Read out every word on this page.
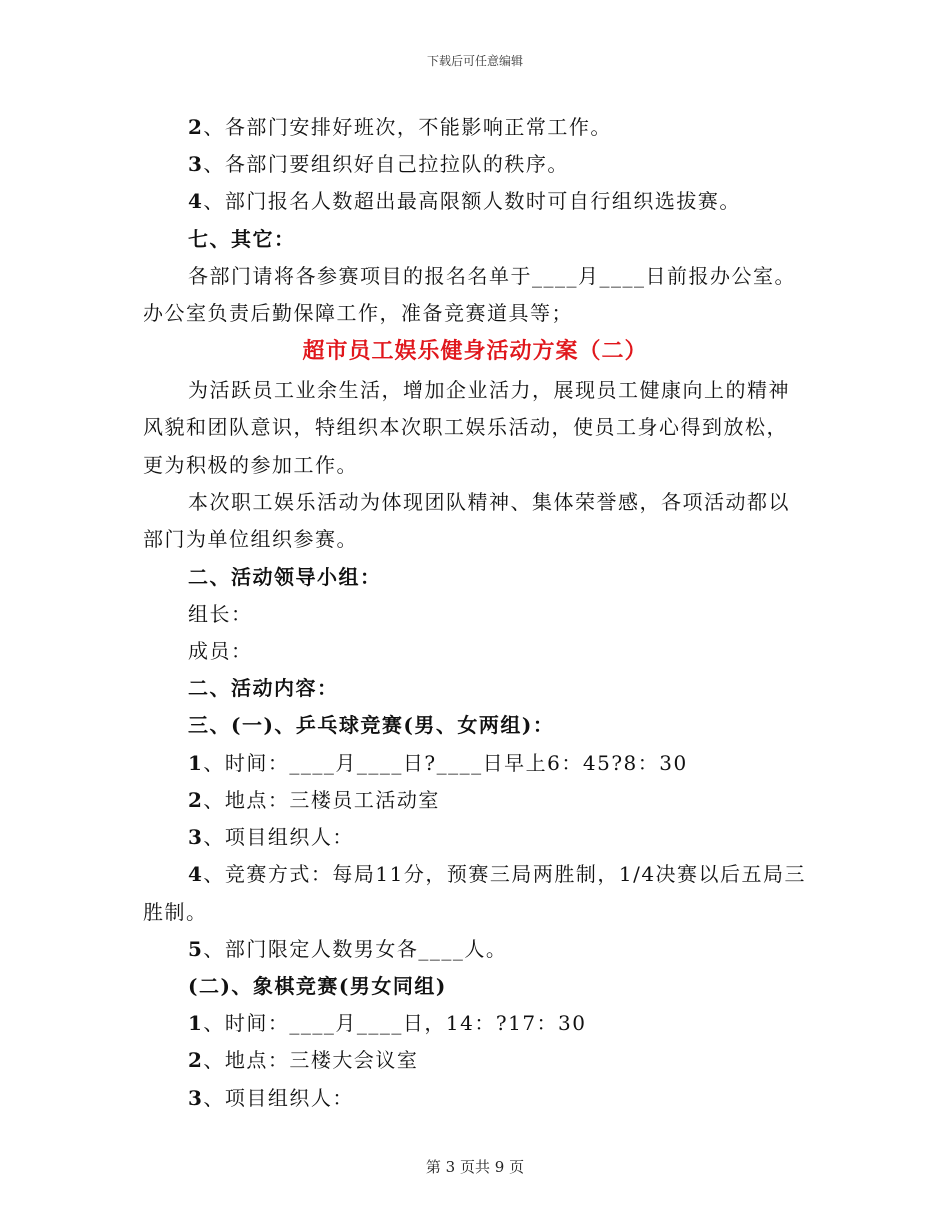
下载后可任意编辑
2、各部门安排好班次，不能影响正常工作。
3、各部门要组织好自己拉拉队的秩序。
4、部门报名人数超出最高限额人数时可自行组织选拔赛。
七、其它：
各部门请将各参赛项目的报名名单于____月____日前报办公室。
办公室负责后勤保障工作，准备竞赛道具等；
超市员工娱乐健身活动方案（二）
为活跃员工业余生活，增加企业活力，展现员工健康向上的精神
风貌和团队意识，特组织本次职工娱乐活动，使员工身心得到放松，
更为积极的参加工作。
本次职工娱乐活动为体现团队精神、集体荣誉感，各项活动都以
部门为单位组织参赛。
二、活动领导小组：
组长：
成员：
二、活动内容：
三、(一)、乒乓球竞赛(男、女两组)：
1、时间：____月____日?____日早上6：45?8：30
2、地点：三楼员工活动室
3、项目组织人：
4、竞赛方式：每局11分，预赛三局两胜制，1/4决赛以后五局三
胜制。
5、部门限定人数男女各____人。
(二)、象棋竞赛(男女同组)
1、时间：____月____日，14：?17：30
2、地点：三楼大会议室
3、项目组织人：
第 3 页共 9 页
